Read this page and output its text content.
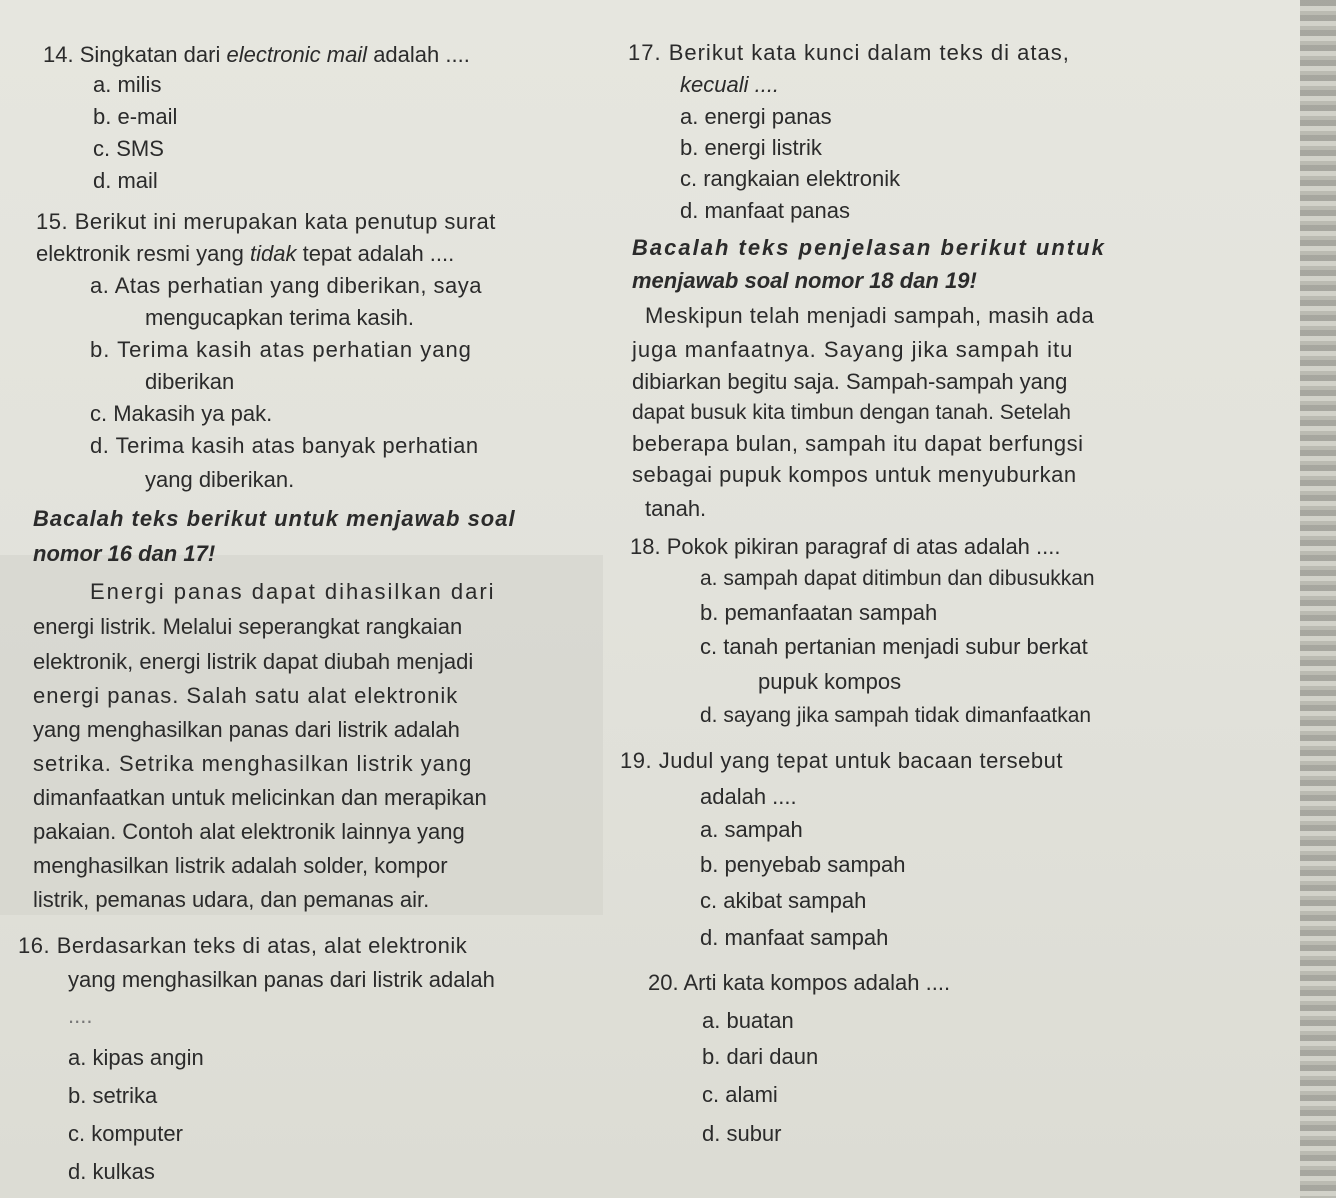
14. Singkatan dari electronic mail adalah ....
a. milis
b. e-mail
c. SMS
d. mail
15. Berikut ini merupakan kata penutup surat
elektronik resmi yang tidak tepat adalah ....
a. Atas perhatian yang diberikan, saya
mengucapkan terima kasih.
b. Terima kasih atas perhatian yang
diberikan
c. Makasih ya pak.
d. Terima kasih atas banyak perhatian
yang diberikan.
Bacalah teks berikut untuk menjawab soal
nomor 16 dan 17!
Energi panas dapat dihasilkan dari
energi listrik. Melalui seperangkat rangkaian
elektronik, energi listrik dapat diubah menjadi
energi panas. Salah satu alat elektronik
yang menghasilkan panas dari listrik adalah
setrika. Setrika menghasilkan listrik yang
dimanfaatkan untuk melicinkan dan merapikan
pakaian. Contoh alat elektronik lainnya yang
menghasilkan listrik adalah solder, kompor
listrik, pemanas udara, dan pemanas air.
16. Berdasarkan teks di atas, alat elektronik
yang menghasilkan panas dari listrik adalah
....
a. kipas angin
b. setrika
c. komputer
d. kulkas
17. Berikut kata kunci dalam teks di atas,
kecuali ....
a. energi panas
b. energi listrik
c. rangkaian elektronik
d. manfaat panas
Bacalah teks penjelasan berikut untuk
menjawab soal nomor 18 dan 19!
Meskipun telah menjadi sampah, masih ada
juga manfaatnya. Sayang jika sampah itu
dibiarkan begitu saja. Sampah-sampah yang
dapat busuk kita timbun dengan tanah. Setelah
beberapa bulan, sampah itu dapat berfungsi
sebagai pupuk kompos untuk menyuburkan
tanah.
18. Pokok pikiran paragraf di atas adalah ....
a. sampah dapat ditimbun dan dibusukkan
b. pemanfaatan sampah
c. tanah pertanian menjadi subur berkat
pupuk kompos
d. sayang jika sampah tidak dimanfaatkan
19. Judul yang tepat untuk bacaan tersebut
adalah ....
a. sampah
b. penyebab sampah
c. akibat sampah
d. manfaat sampah
20. Arti kata kompos adalah ....
a. buatan
b. dari daun
c. alami
d. subur
